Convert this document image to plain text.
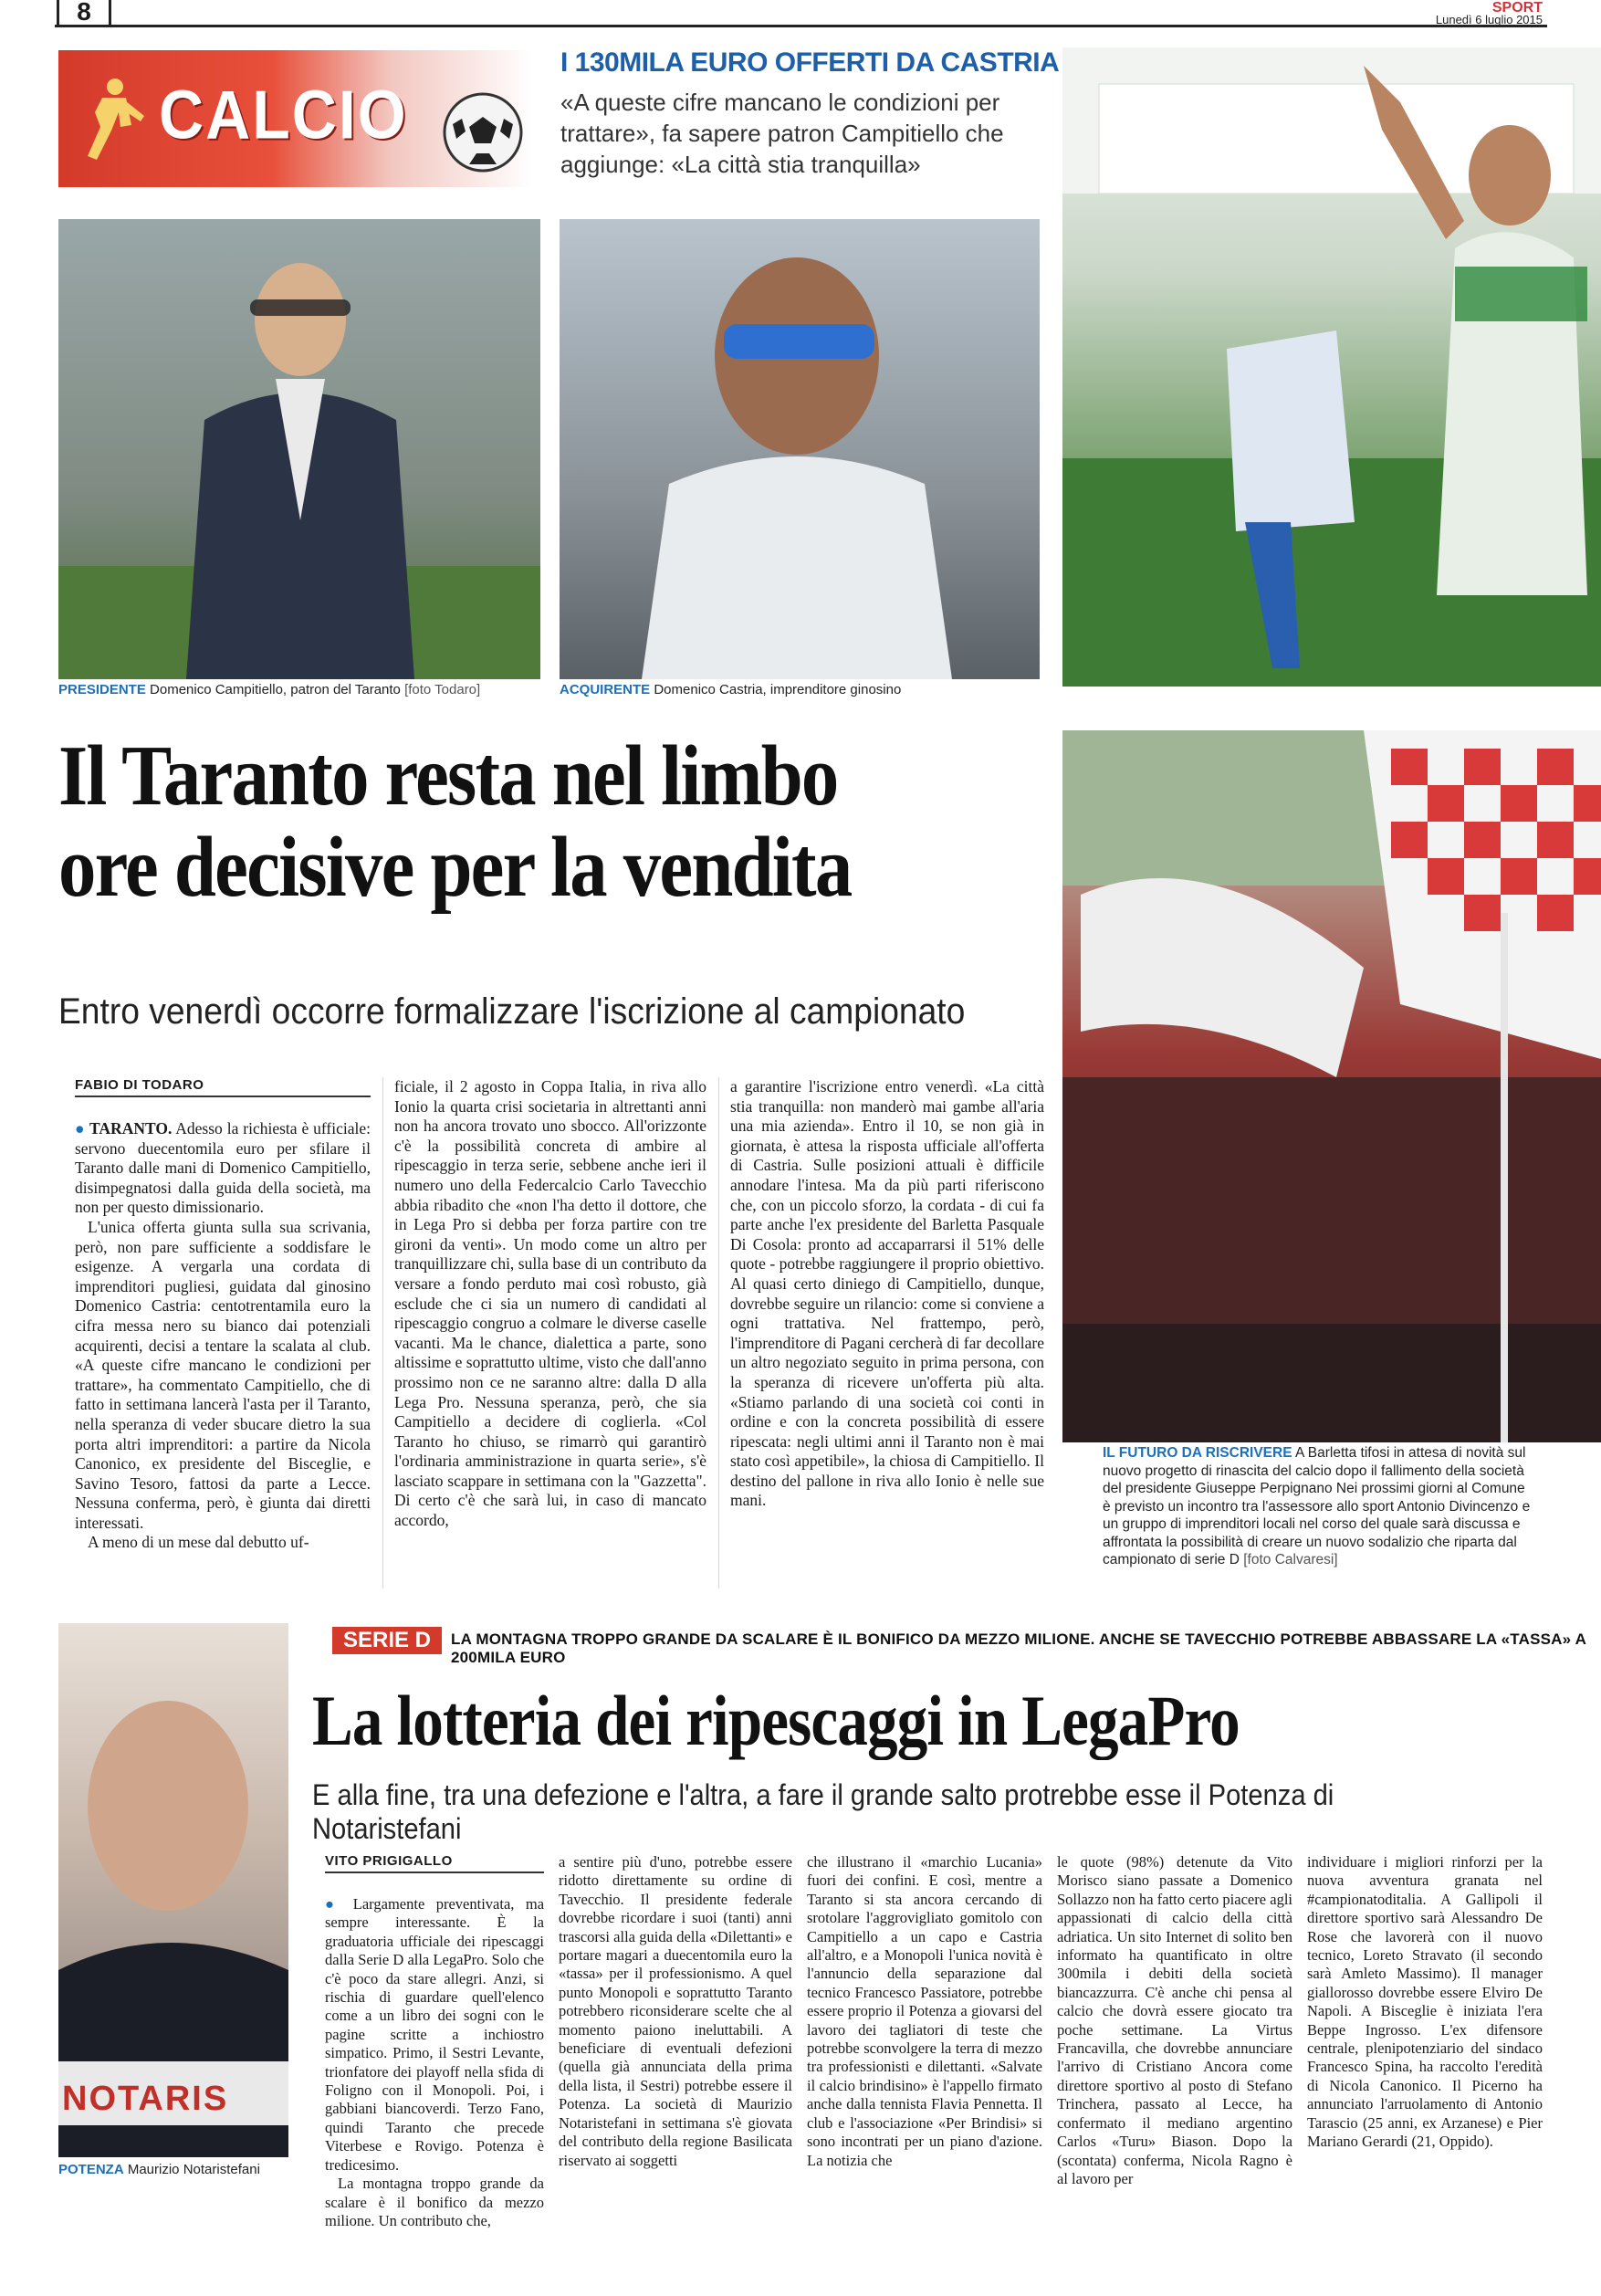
8	SPORT
Lunedì 6 luglio 2015
CALCIO
I 130MILA EURO OFFERTI DA CASTRIA
«A queste cifre mancano le condizioni per trattare», fa sapere patron Campitiello che aggiunge: «La città stia tranquilla»
NOTARIS
PRESIDENTE Domenico Campitiello, patron del Taranto [foto Todaro]	ACQUIRENTE Domenico Castria, imprenditore ginosino
IL FUTURO DA RISCRIVERE A Barletta tifosi in attesa di novità sul nuovo progetto di rinascita del calcio dopo il fallimento della società del presidente Giuseppe Perpignano Nei prossimi giorni al Comune è previsto un incontro tra l'assessore allo sport Antonio Divincenzo e un gruppo di imprenditori locali nel corso del quale sarà discussa e affrontata la possibilità di creare un nuovo sodalizio che riparta dal campionato di serie D [foto Calvaresi]
POTENZA Maurizio Notaristefani
Il Taranto resta nel limbo
ore decisive per la vendita
Entro venerdì occorre formalizzare l'iscrizione al campionato
FABIO DI TODARO

● TARANTO. Adesso la richiesta è ufficiale: servono duecentomila euro per sfilare il Taranto dalle mani di Domenico Campitiello, disimpegnatosi dalla guida della società, ma non per questo dimissionario.

L'unica offerta giunta sulla sua scrivania, però, non pare sufficiente a soddisfare le esigenze. A vergarla una cordata di imprenditori pugliesi, guidata dal ginosino Domenico Castria: centotrentamila euro la cifra messa nero su bianco dai potenziali acquirenti, decisi a tentare la scalata al club. «A queste cifre mancano le condizioni per trattare», ha commentato Campitiello, che di fatto in settimana lancerà l'asta per il Taranto, nella speranza di veder sbucare dietro la sua porta altri imprenditori: a partire da Nicola Canonico, ex presidente del Bisceglie, e Savino Tesoro, fattosi da parte a Lecce. Nessuna conferma, però, è giunta dai diretti interessati.

A meno di un mese dal debutto uf-

ficiale, il 2 agosto in Coppa Italia, in riva allo Ionio la quarta crisi societaria in altrettanti anni non ha ancora trovato uno sbocco. All'orizzonte c'è la possibilità concreta di ambire al ripescaggio in terza serie, sebbene anche ieri il numero uno della Federcalcio Carlo Tavecchio abbia ribadito che «non l'ha detto il dottore, che in Lega Pro si debba per forza partire con tre gironi da venti». Un modo come un altro per tranquillizzare chi, sulla base di un contributo da versare a fondo perduto mai così robusto, già esclude che ci sia un numero di candidati al ripescaggio congruo a colmare le diverse caselle vacanti. Ma le chance, dialettica a parte, sono altissime e soprattutto ultime, visto che dall'anno prossimo non ce ne saranno altre: dalla D alla Lega Pro. Nessuna speranza, però, che sia Campitiello a decidere di coglierla. «Col Taranto ho chiuso, se rimarrò qui garantirò l'ordinaria amministrazione in quarta serie», s'è lasciato scappare in settimana con la "Gazzetta". Di certo c'è che sarà lui, in caso di mancato accordo,

a garantire l'iscrizione entro venerdì. «La città stia tranquilla: non manderò mai gambe all'aria una mia azienda». Entro il 10, se non già in giornata, è attesa la risposta ufficiale all'offerta di Castria. Sulle posizioni attuali è difficile annodare l'intesa. Ma da più parti riferiscono che, con un piccolo sforzo, la cordata - di cui fa parte anche l'ex presidente del Barletta Pasquale Di Cosola: pronto ad accaparrarsi il 51% delle quote - potrebbe raggiungere il proprio obiettivo. Al quasi certo diniego di Campitiello, dunque, dovrebbe seguire un rilancio: come si conviene a ogni trattativa. Nel frattempo, però, l'imprenditore di Pagani cercherà di far decollare un altro negoziato seguito in prima persona, con la speranza di ricevere un'offerta più alta. «Stiamo parlando di una società coi conti in ordine e con la concreta possibilità di essere ripescata: negli ultimi anni il Taranto non è mai stato così appetibile», la chiosa di Campitiello. Il destino del pallone in riva allo Ionio è nelle sue mani.

SERIE D	LA MONTAGNA TROPPO GRANDE DA SCALARE È IL BONIFICO DA MEZZO MILIONE. ANCHE SE TAVECCHIO POTREBBE ABBASSARE LA «TASSA» A 200MILA EURO
La lotteria dei ripescaggi in LegaPro
E alla fine, tra una defezione e l'altra, a fare il grande salto protrebbe esse il Potenza di Notaristefani
VITO PRIGIGALLO

● Largamente preventivata, ma sempre interessante. È la graduatoria ufficiale dei ripescaggi dalla Serie D alla LegaPro. Solo che c'è poco da stare allegri. Anzi, si rischia di guardare quell'elenco come a un libro dei sogni con le pagine scritte a inchiostro simpatico. Primo, il Sestri Levante, trionfatore dei playoff nella sfida di Foligno con il Monopoli. Poi, i gabbiani biancoverdi. Terzo Fano, quindi Taranto che precede Viterbese e Rovigo. Potenza è tredicesimo.

La montagna troppo grande da scalare è il bonifico da mezzo milione. Un contributo che,

a sentire più d'uno, potrebbe essere ridotto direttamente su ordine di Tavecchio. Il presidente federale dovrebbe ricordare i suoi (tanti) anni trascorsi alla guida della «Dilettanti» e portare magari a duecentomila euro la «tassa» per il professionismo. A quel punto Monopoli e soprattutto Taranto potrebbero riconsiderare scelte che al momento paiono ineluttabili. A beneficiare di eventuali defezioni (quella già annunciata della prima della lista, il Sestri) potrebbe essere il Potenza. La società di Maurizio Notaristefani in settimana s'è giovata del contributo della regione Basilicata riservato ai soggetti

che illustrano il «marchio Lucania» fuori dei confini. E così, mentre a Taranto si sta ancora cercando di srotolare l'aggrovigliato gomitolo con Campitiello a un capo e Castria all'altro, e a Monopoli l'unica novità è l'annuncio della separazione dal tecnico Francesco Passiatore, potrebbe essere proprio il Potenza a giovarsi del lavoro dei tagliatori di teste che potrebbe sconvolgere la terra di mezzo tra professionisti e dilettanti. «Salvate il calcio brindisino» è l'appello firmato anche dalla tennista Flavia Pennetta. Il club e l'associazione «Per Brindisi» si sono incontrati per un piano d'azione. La notizia che

le quote (98%) detenute da Vito Morisco siano passate a Domenico Sollazzo non ha fatto certo piacere agli appassionati di calcio della città adriatica. Un sito Internet di solito ben informato ha quantificato in oltre 300mila i debiti della società biancazzurra. C'è anche chi pensa al calcio che dovrà essere giocato tra poche settimane. La Virtus Francavilla, che dovrebbe annunciare l'arrivo di Cristiano Ancora come direttore sportivo al posto di Stefano Trinchera, passato al Lecce, ha confermato il mediano argentino Carlos «Turu» Biason. Dopo la (scontata) conferma, Nicola Ragno è al lavoro per

individuare i migliori rinforzi per la nuova avventura granata nel #campionatoditalia. A Gallipoli il direttore sportivo sarà Alessandro De Rose che lavorerà con il nuovo tecnico, Loreto Stravato (il secondo sarà Amleto Massimo). Il manager giallorosso dovrebbe essere Elviro De Napoli. A Bisceglie è iniziata l'era Beppe Ingrosso. L'ex difensore centrale, plenipotenziario del sindaco Francesco Spina, ha raccolto l'eredità di Nicola Canonico. Il Picerno ha annunciato l'arruolamento di Antonio Tarascio (25 anni, ex Arzanese) e Pier Mariano Gerardi (21, Oppido).
